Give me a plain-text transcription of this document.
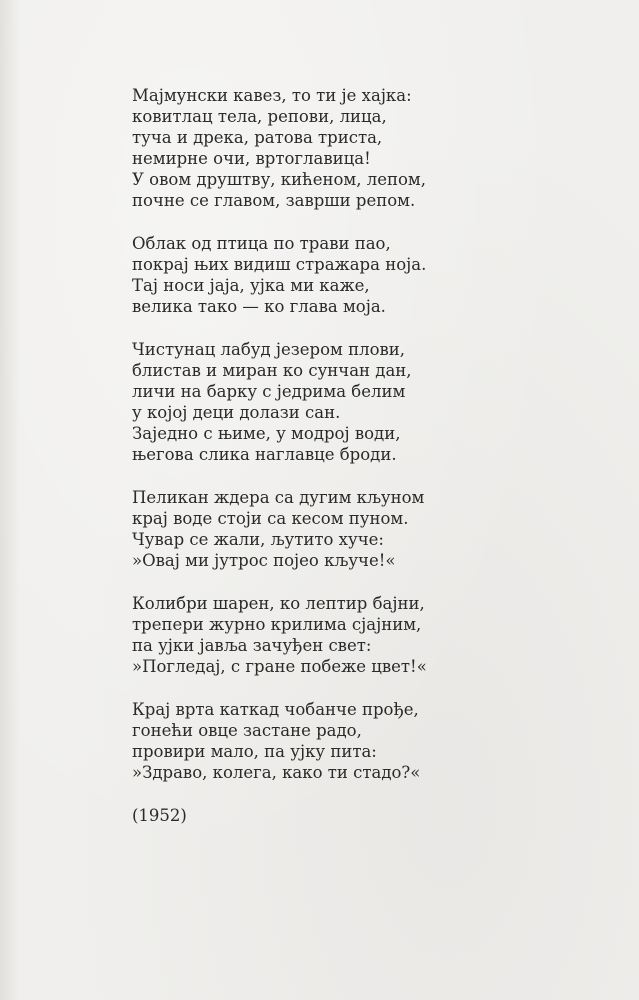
Мајмунски кавез, то ти је хајка:
ковитлац тела, репови, лица,
туча и дрека, ратова триста,
немирне очи, вртоглавица!
У овом друштву, кићеном, лепом,
почне се главом, заврши репом.
Облак од птица по трави пао,
покрај њих видиш стражара ноја.
Тај носи јаја, ујка ми каже,
велика тако — ко глава моја.
Чистунац лабуд језером плови,
блистав и миран ко сунчан дан,
личи на барку с једрима белим
у којој деци долази сан.
Заједно с њиме, у модрој води,
његова слика наглавце броди.
Пеликан ждера са дугим кљуном
крај воде стоји са кесом пуном.
Чувар се жали, љутито хуче:
»Овај ми јутрос појео кључе!«
Колибри шарен, ко лептир бајни,
трепери журно крилима сјајним,
па ујки јавља зачуђен свет:
»Погледај, с гране побеже цвет!«
Крај врта каткад чобанче прође,
гонећи овце застане радо,
провири мало, па ујку пита:
»Здраво, колега, како ти стадо?«
(1952)
